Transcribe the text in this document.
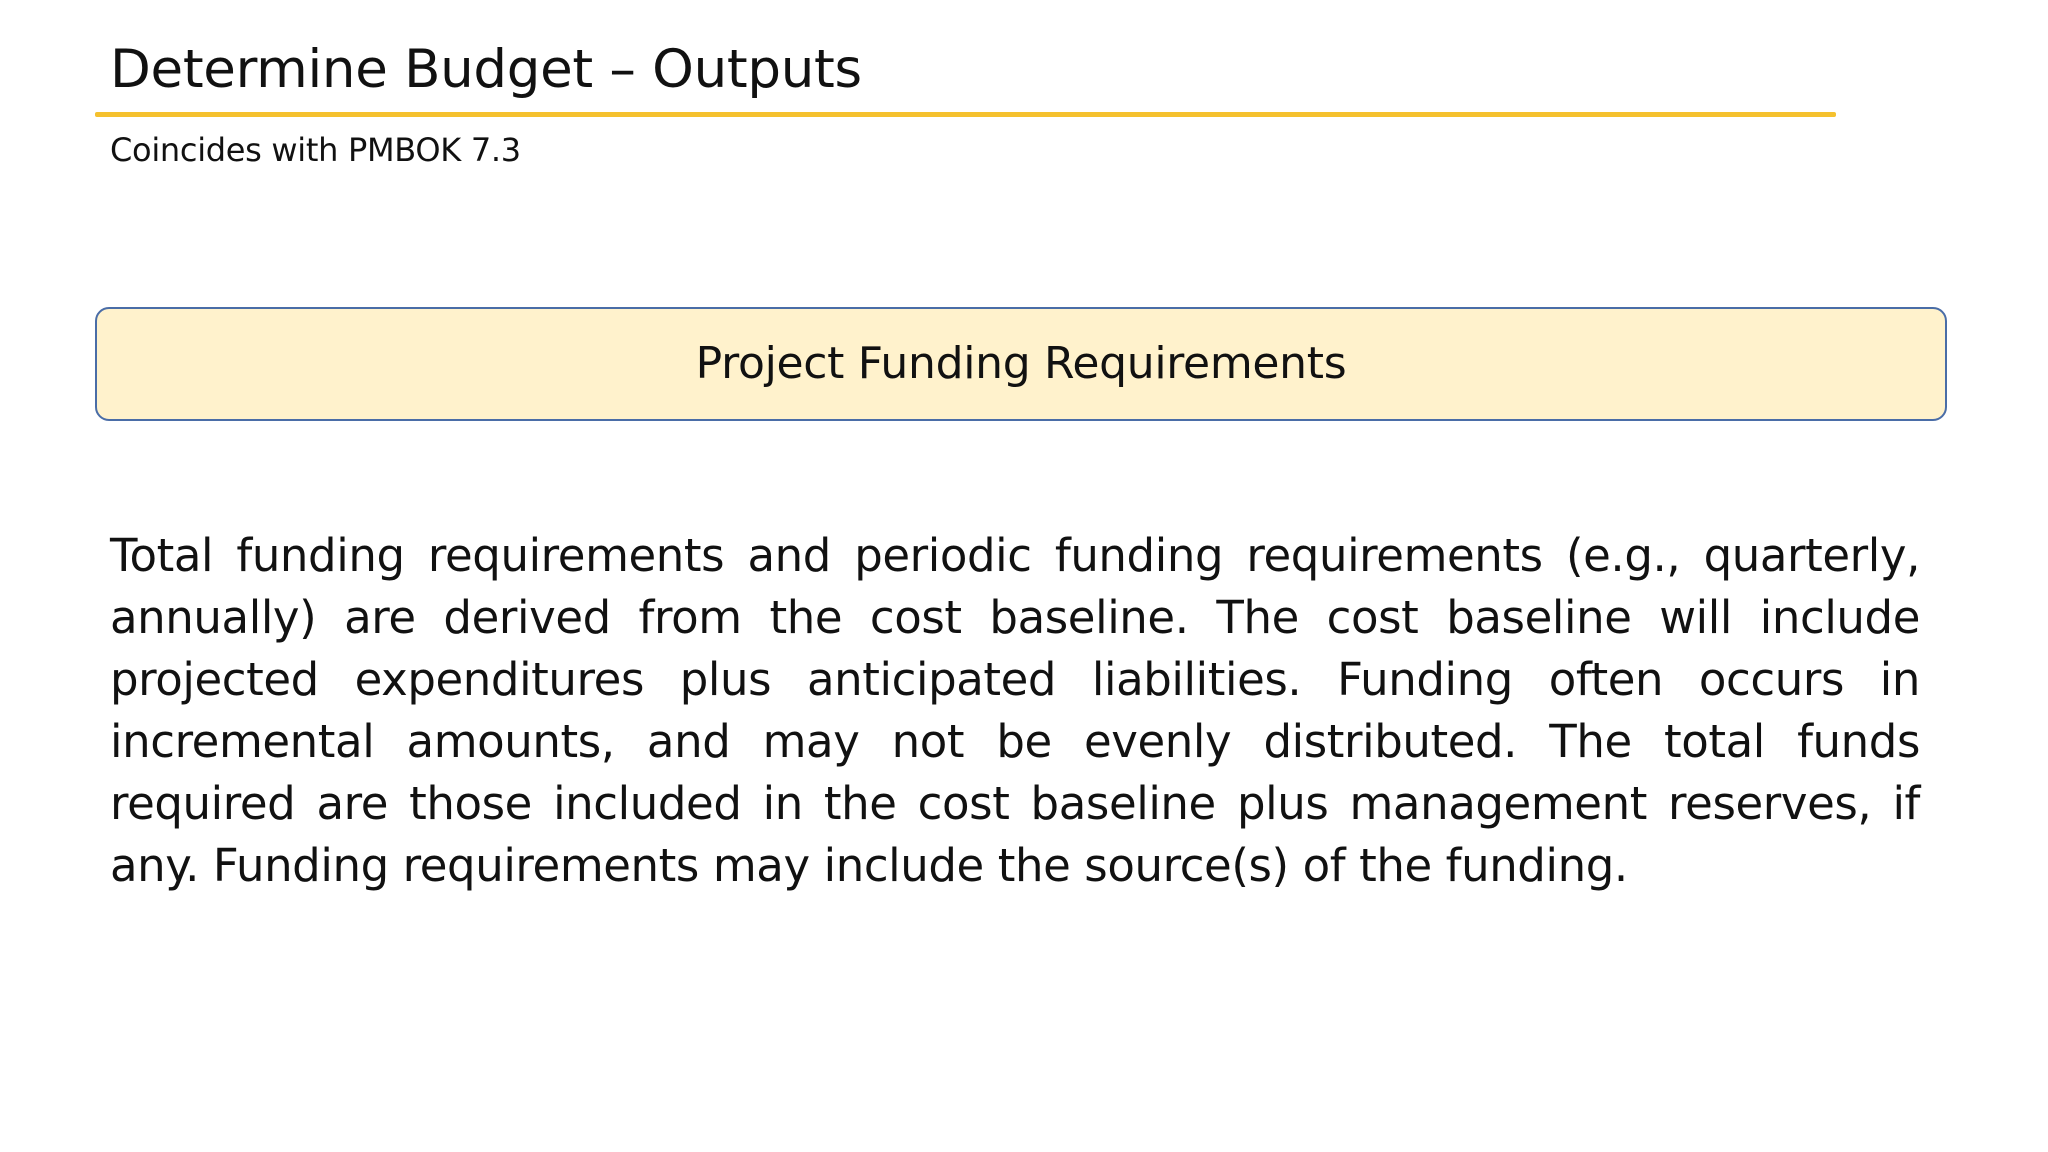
Determine Budget – Outputs

Coincides with PMBOK 7.3

Project Funding Requirements

Total funding requirements and periodic funding requirements (e.g., quarterly, annually) are derived from the cost baseline. The cost baseline will include projected expenditures plus anticipated liabilities. Funding often occurs in incremental amounts, and may not be evenly distributed. The total funds required are those included in the cost baseline plus management reserves, if any. Funding requirements may include the source(s) of the funding.
